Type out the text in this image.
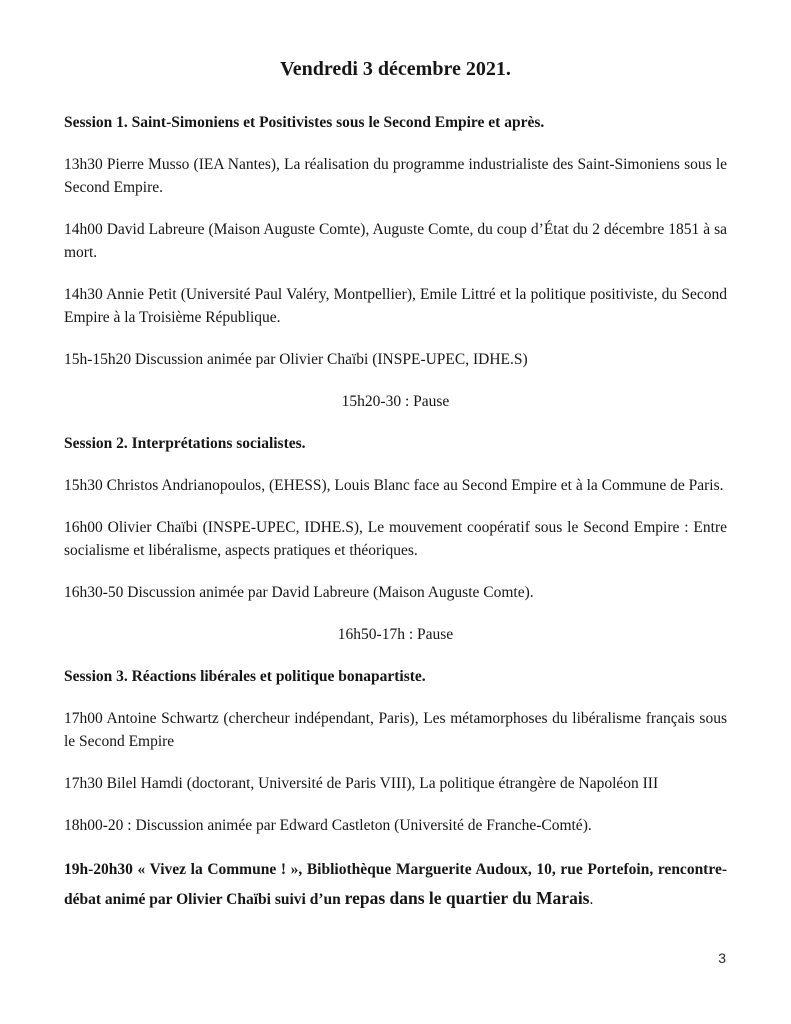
Vendredi 3 décembre 2021.

Session 1. Saint-Simoniens et Positivistes sous le Second Empire et après.

13h30 Pierre Musso (IEA Nantes), La réalisation du programme industrialiste des Saint-Simoniens sous le Second Empire.

14h00 David Labreure (Maison Auguste Comte), Auguste Comte, du coup d’État du 2 décembre 1851 à sa mort.

14h30 Annie Petit (Université Paul Valéry, Montpellier), Emile Littré et la politique positiviste, du Second Empire à la Troisième République.

15h-15h20 Discussion animée par Olivier Chaïbi (INSPE-UPEC, IDHE.S)

15h20-30 : Pause

Session 2. Interprétations socialistes.

15h30 Christos Andrianopoulos, (EHESS), Louis Blanc face au Second Empire et à la Commune de Paris.

16h00 Olivier Chaïbi (INSPE-UPEC, IDHE.S), Le mouvement coopératif sous le Second Empire : Entre socialisme et libéralisme, aspects pratiques et théoriques.

16h30-50 Discussion animée par David Labreure (Maison Auguste Comte).

16h50-17h : Pause

Session 3. Réactions libérales et politique bonapartiste.

17h00 Antoine Schwartz (chercheur indépendant, Paris), Les métamorphoses du libéralisme français sous le Second Empire

17h30 Bilel Hamdi (doctorant, Université de Paris VIII), La politique étrangère de Napoléon III

18h00-20 : Discussion animée par Edward Castleton (Université de Franche-Comté).

19h-20h30 « Vivez la Commune ! », Bibliothèque Marguerite Audoux, 10, rue Portefoin, rencontre-débat animé par Olivier Chaïbi suivi d’un repas dans le quartier du Marais.

3
